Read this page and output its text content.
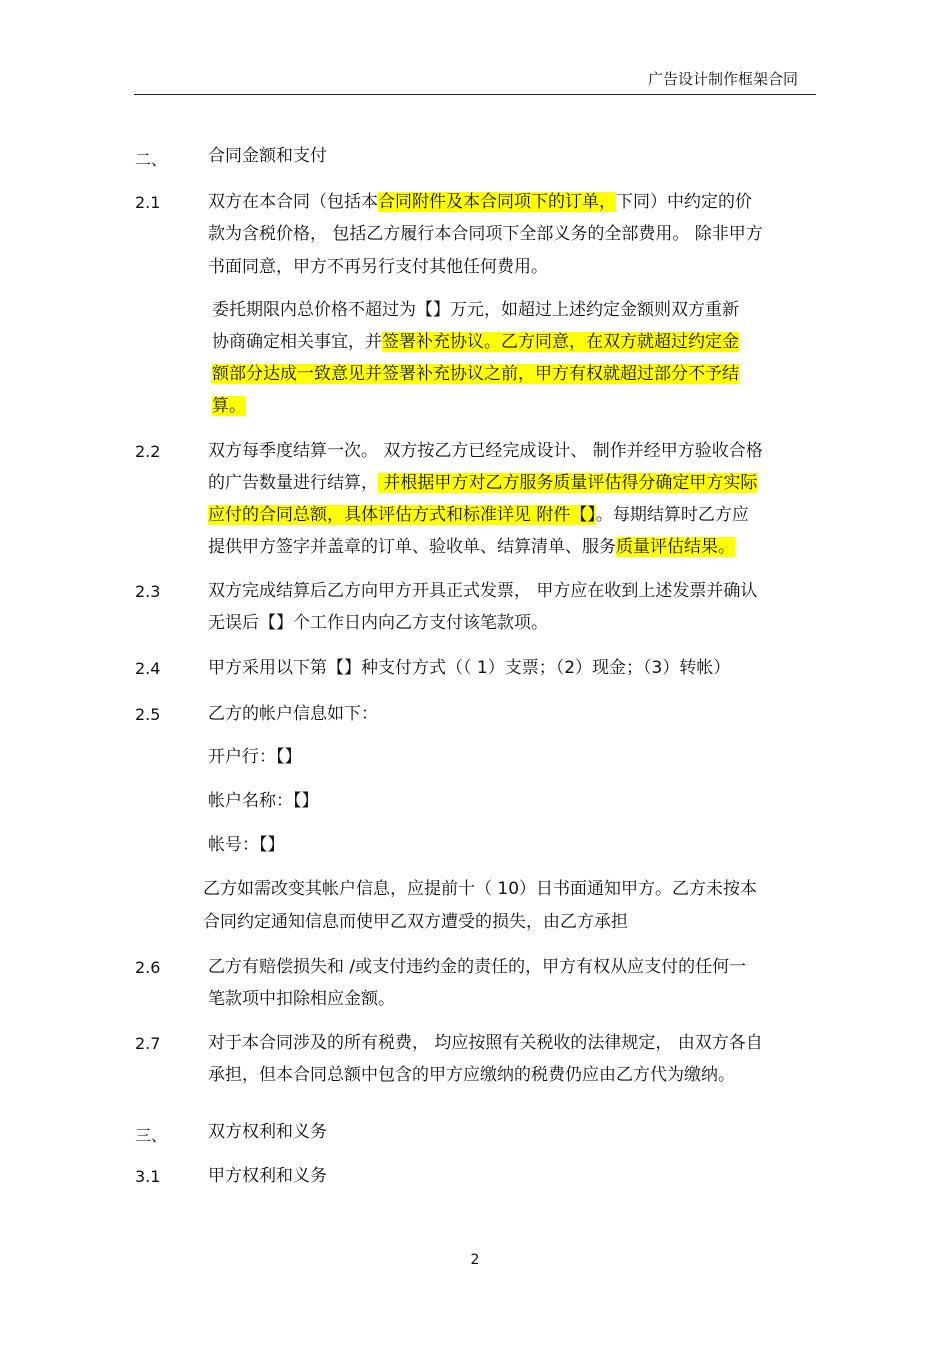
广告设计制作框架合同
二、 合同金额和支付
2.1	双方在本合同（包括本合同附件及本合同项下的订单，下同）中约定的价
款为含税价格， 包括乙方履行本合同项下全部义务的全部费用。 除非甲方
书面同意，甲方不再另行支付其他任何费用。
委托期限内总价格不超过为【】万元，如超过上述约定金额则双方重新
协商确定相关事宜，并签署补充协议。乙方同意，在双方就超过约定金
额部分达成一致意见并签署补充协议之前，甲方有权就超过部分不予结
算。
2.2	双方每季度结算一次。 双方按乙方已经完成设计、 制作并经甲方验收合格
的广告数量进行结算， 并根据甲方对乙方服务质量评估得分确定甲方实际
应付的合同总额，具体评估方式和标准详见 附件【】。每期结算时乙方应
提供甲方签字并盖章的订单、验收单、结算清单、服务质量评估结果。
2.3	双方完成结算后乙方向甲方开具正式发票， 甲方应在收到上述发票并确认
无误后【】个工作日内向乙方支付该笔款项。
2.4	甲方采用以下第【】种支付方式（（ 1）支票；（2）现金；（3）转帐）
2.5	乙方的帐户信息如下：
开户行：【】
帐户名称：【】
帐号：【】
乙方如需改变其帐户信息，应提前十（ 10）日书面通知甲方。乙方未按本
合同约定通知信息而使甲乙双方遭受的损失，由乙方承担
2.6	乙方有赔偿损失和 /或支付违约金的责任的，甲方有权从应支付的任何一
笔款项中扣除相应金额。
2.7	对于本合同涉及的所有税费， 均应按照有关税收的法律规定， 由双方各自
承担，但本合同总额中包含的甲方应缴纳的税费仍应由乙方代为缴纳。
三、 双方权利和义务
3.1	甲方权利和义务
2
